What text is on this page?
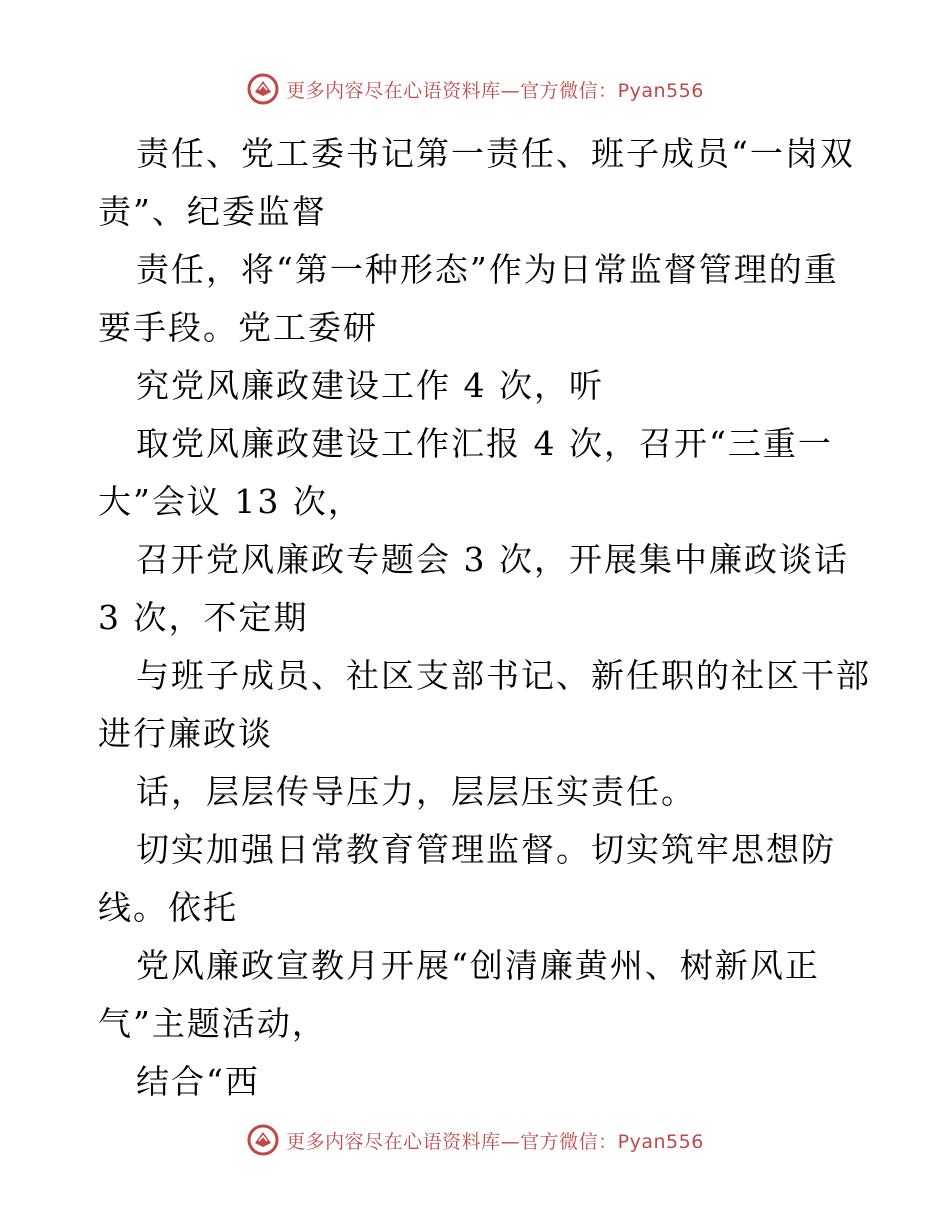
更多内容尽在心语资料库—官方微信：Pyan556
责任、党工委书记第一责任、班子成员“一岗双
责”、纪委监督
责任，将“第一种形态”作为日常监督管理的重
要手段。党工委研
究党风廉政建设工作 4 次，听
取党风廉政建设工作汇报 4 次，召开“三重一
大”会议 13 次，
召开党风廉政专题会 3 次，开展集中廉政谈话
3 次，不定期
与班子成员、社区支部书记、新任职的社区干部
进行廉政谈
话，层层传导压力，层层压实责任。
切实加强日常教育管理监督。切实筑牢思想防
线。依托
党风廉政宣教月开展“创清廉黄州、树新风正
气”主题活动，
结合“西
更多内容尽在心语资料库—官方微信：Pyan556
